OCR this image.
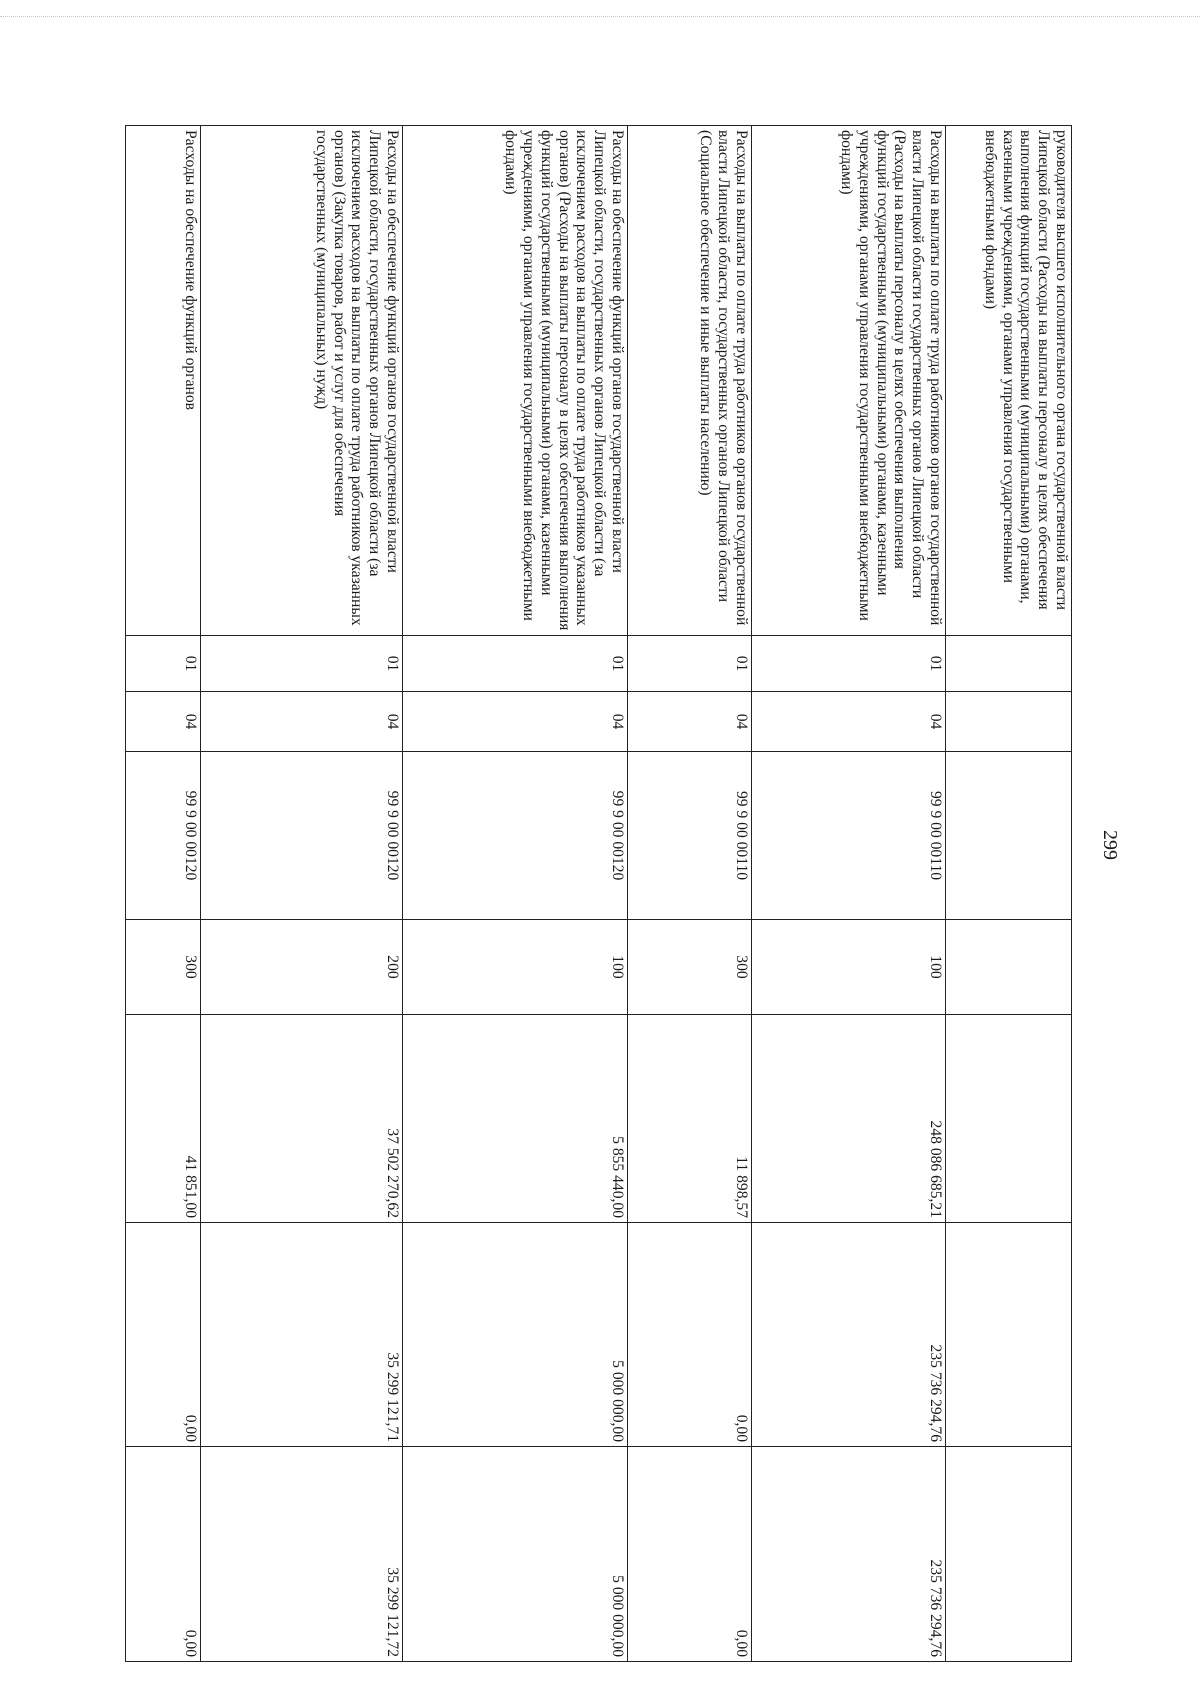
299
руководителя высшего исполнительного органа государственной власти Липецкой области (Расходы на выплаты персоналу в целях обеспечения выполнения функций государственными (муниципальными) органами, казенными учреждениями, органами управления государственными внебюджетными фондами)							
Расходы на выплаты по оплате труда работников органов государственной власти Липецкой области государственных органов Липецкой области (Расходы на выплаты персоналу в целях обеспечения выполнения функций государственными (муниципальными) органами, казенными учреждениями, органами управления государственными внебюджетными фондами)	01	04	99 9 00 00110	100	248 086 685,21	235 736 294,76	235 736 294,76
Расходы на выплаты по оплате труда работников органов государственной власти Липецкой области, государственных органов Липецкой области (Социальное обеспечение и иные выплаты населению)	01	04	99 9 00 00110	300	11 898,57	0,00	0,00
Расходы на обеспечение функций органов государственной власти Липецкой области, государственных органов Липецкой области (за исключением расходов на выплаты по оплате труда работников указанных органов) (Расходы на выплаты персоналу в целях обеспечения выполнения функций государственными (муниципальными) органами, казенными учреждениями, органами управления государственными внебюджетными фондами)	01	04	99 9 00 00120	100	5 855 440,00	5 000 000,00	5 000 000,00
Расходы на обеспечение функций органов государственной власти Липецкой области, государственных органов Липецкой области (за исключением расходов на выплаты по оплате труда работников указанных органов) (Закупка товаров, работ и услуг для обеспечения государственных (муниципальных) нужд)	01	04	99 9 00 00120	200	37 502 270,62	35 299 121,71	35 299 121,72
Расходы на обеспечение функций органов	01	04	99 9 00 00120	300	41 851,00	0,00	0,00
